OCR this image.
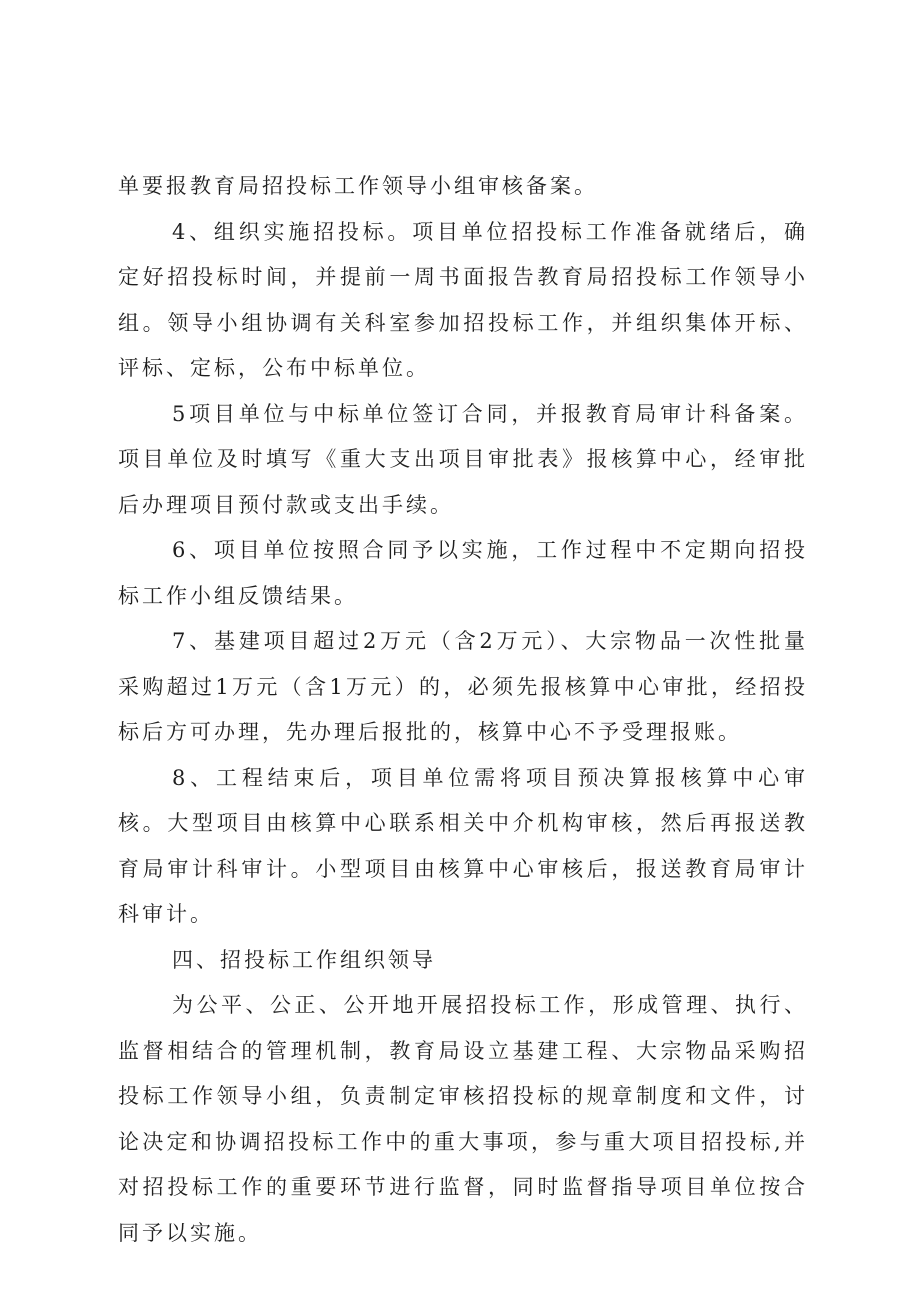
单要报教育局招投标工作领导小组审核备案。

4、组织实施招投标。项目单位招投标工作准备就绪后，确定好招投标时间，并提前一周书面报告教育局招投标工作领导小组。领导小组协调有关科室参加招投标工作，并组织集体开标、评标、定标，公布中标单位。

5项目单位与中标单位签订合同，并报教育局审计科备案。项目单位及时填写《重大支出项目审批表》报核算中心，经审批后办理项目预付款或支出手续。

6、项目单位按照合同予以实施，工作过程中不定期向招投标工作小组反馈结果。

7、基建项目超过2万元（含2万元）、大宗物品一次性批量采购超过1万元（含1万元）的，必须先报核算中心审批，经招投标后方可办理，先办理后报批的，核算中心不予受理报账。

8、工程结束后，项目单位需将项目预决算报核算中心审核。大型项目由核算中心联系相关中介机构审核，然后再报送教育局审计科审计。小型项目由核算中心审核后，报送教育局审计科审计。

四、招投标工作组织领导

为公平、公正、公开地开展招投标工作，形成管理、执行、监督相结合的管理机制，教育局设立基建工程、大宗物品采购招投标工作领导小组，负责制定审核招投标的规章制度和文件，讨论决定和协调招投标工作中的重大事项，参与重大项目招投标,并对招投标工作的重要环节进行监督，同时监督指导项目单位按合同予以实施。
